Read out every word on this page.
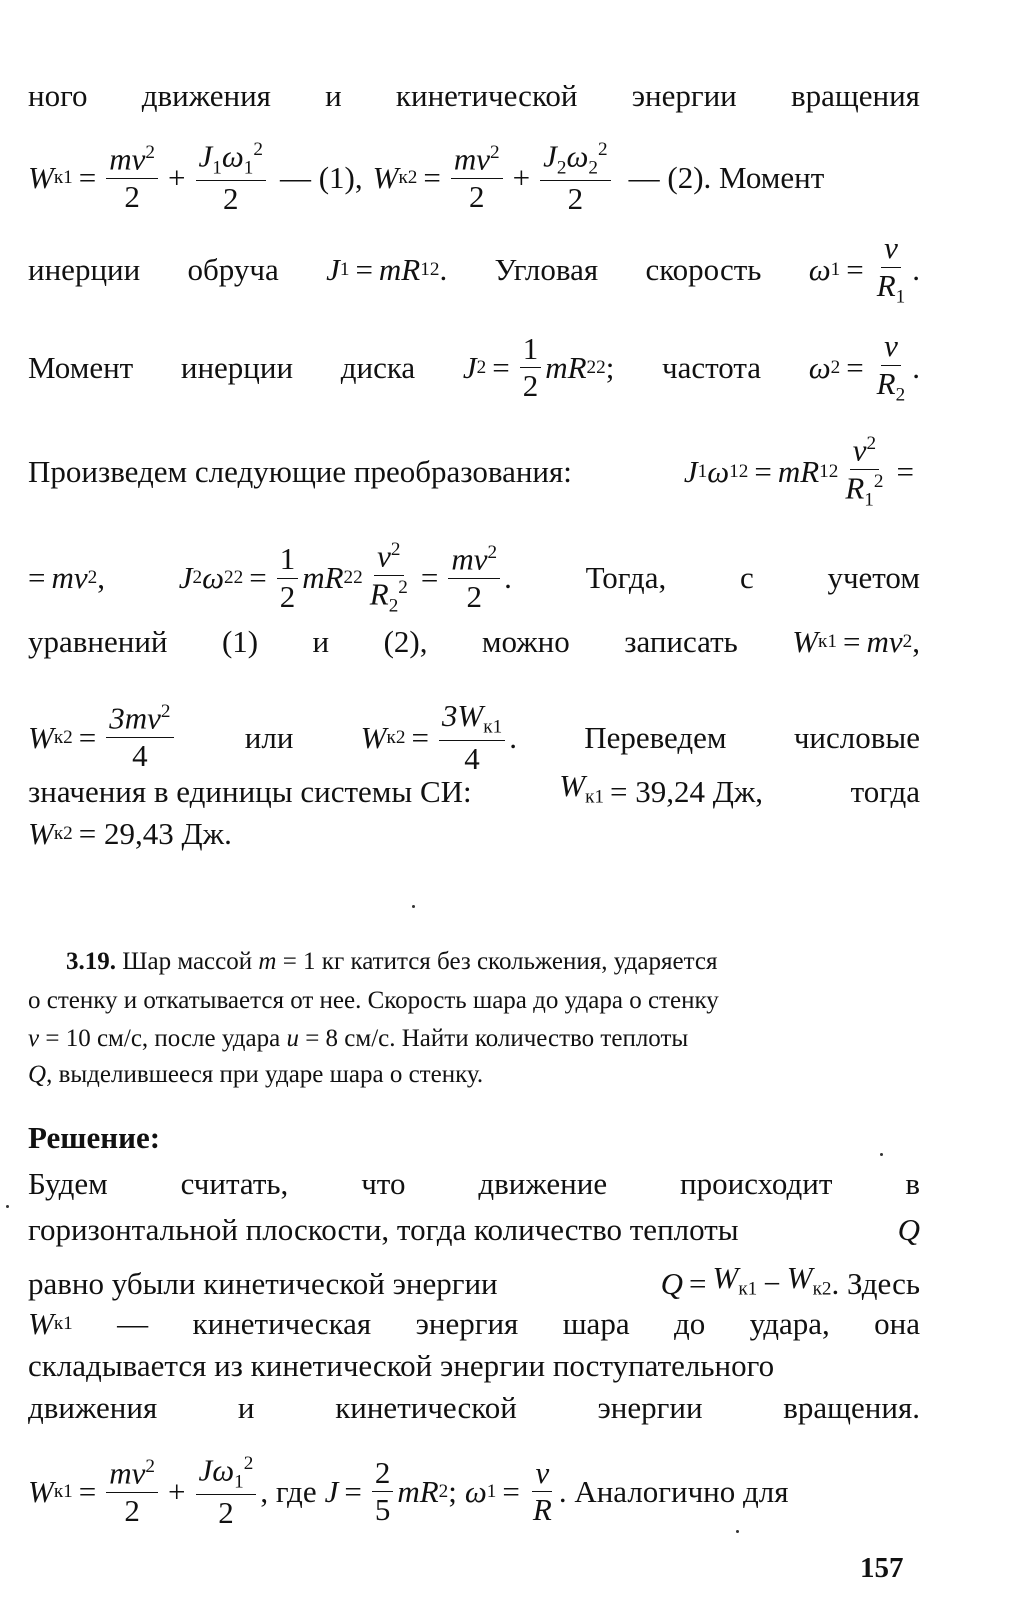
ного движения и кинетической энергии вращения
W $к1 = \frac{mv^2}{2} + \frac{J_1\omega_1^2}{2}$ — (1), W $к2 = \frac{mv^2}{2} + \frac{J_2\omega_2^2}{2}$ — (2). Момент
инерции обруча J 1 = mR 1 2 . Угловая скорость ω $1 = \frac{v}{R_1}$ .
Момент инерции диска J $2 = \frac{1}{2}$ mR 2 2 ; частота ω $2 = \frac{v}{R_2}$ .
Произведем следующие преобразования:	J 1 ω 1 2 = mR 1 $2 \frac{v^2}{R_1^2}$ =
= mv 2 , J 2 ω 2 $2 = \frac{1}{2}$ mR 2 $2 \frac{v^2}{R_2^2} = \frac{mv^2}{2}$ . Тогда, с учетом
уравнений (1) и (2), можно записать W к1 = mv 2 ,
W $к2 = \frac{3mv^2}{4}$ или W $к2 = \frac{3W_{к1}}{4}$ . Переведем числовые
значения в единицы системы СИ:	$W_{к1} = 39,24$ Дж,	тогда
W к2 = 29,43 Дж.
3.19.
Шар массой
m
= 1 кг катится без скольжения, ударяется
о стенку и откатывается от нее. Скорость шара до удара о стенку
v
= 10 см/с, после удара
u
= 8 см/с. Найти количество теплоты
Q , выделившееся при ударе шара о стенку.
Решение:
Будем считать, что движение происходит в
горизонтальной плоскости, тогда количество теплоты	Q
равно убыли кинетической энергии	$Q = W_{к1} - W_{к2}$ . Здесь
W к1 — кинетическая энергия шара до удара, она
складывается из кинетической энергии поступательного
движения	и	кинетической	энергии	вращения.
W $к1 = \frac{mv^2}{2} + \frac{J\omega_1^2}{2}$ , где $J = \frac{2}{5}$ mR 2 ; ω $1 = \frac{v}{R}$ . Аналогично для
157
